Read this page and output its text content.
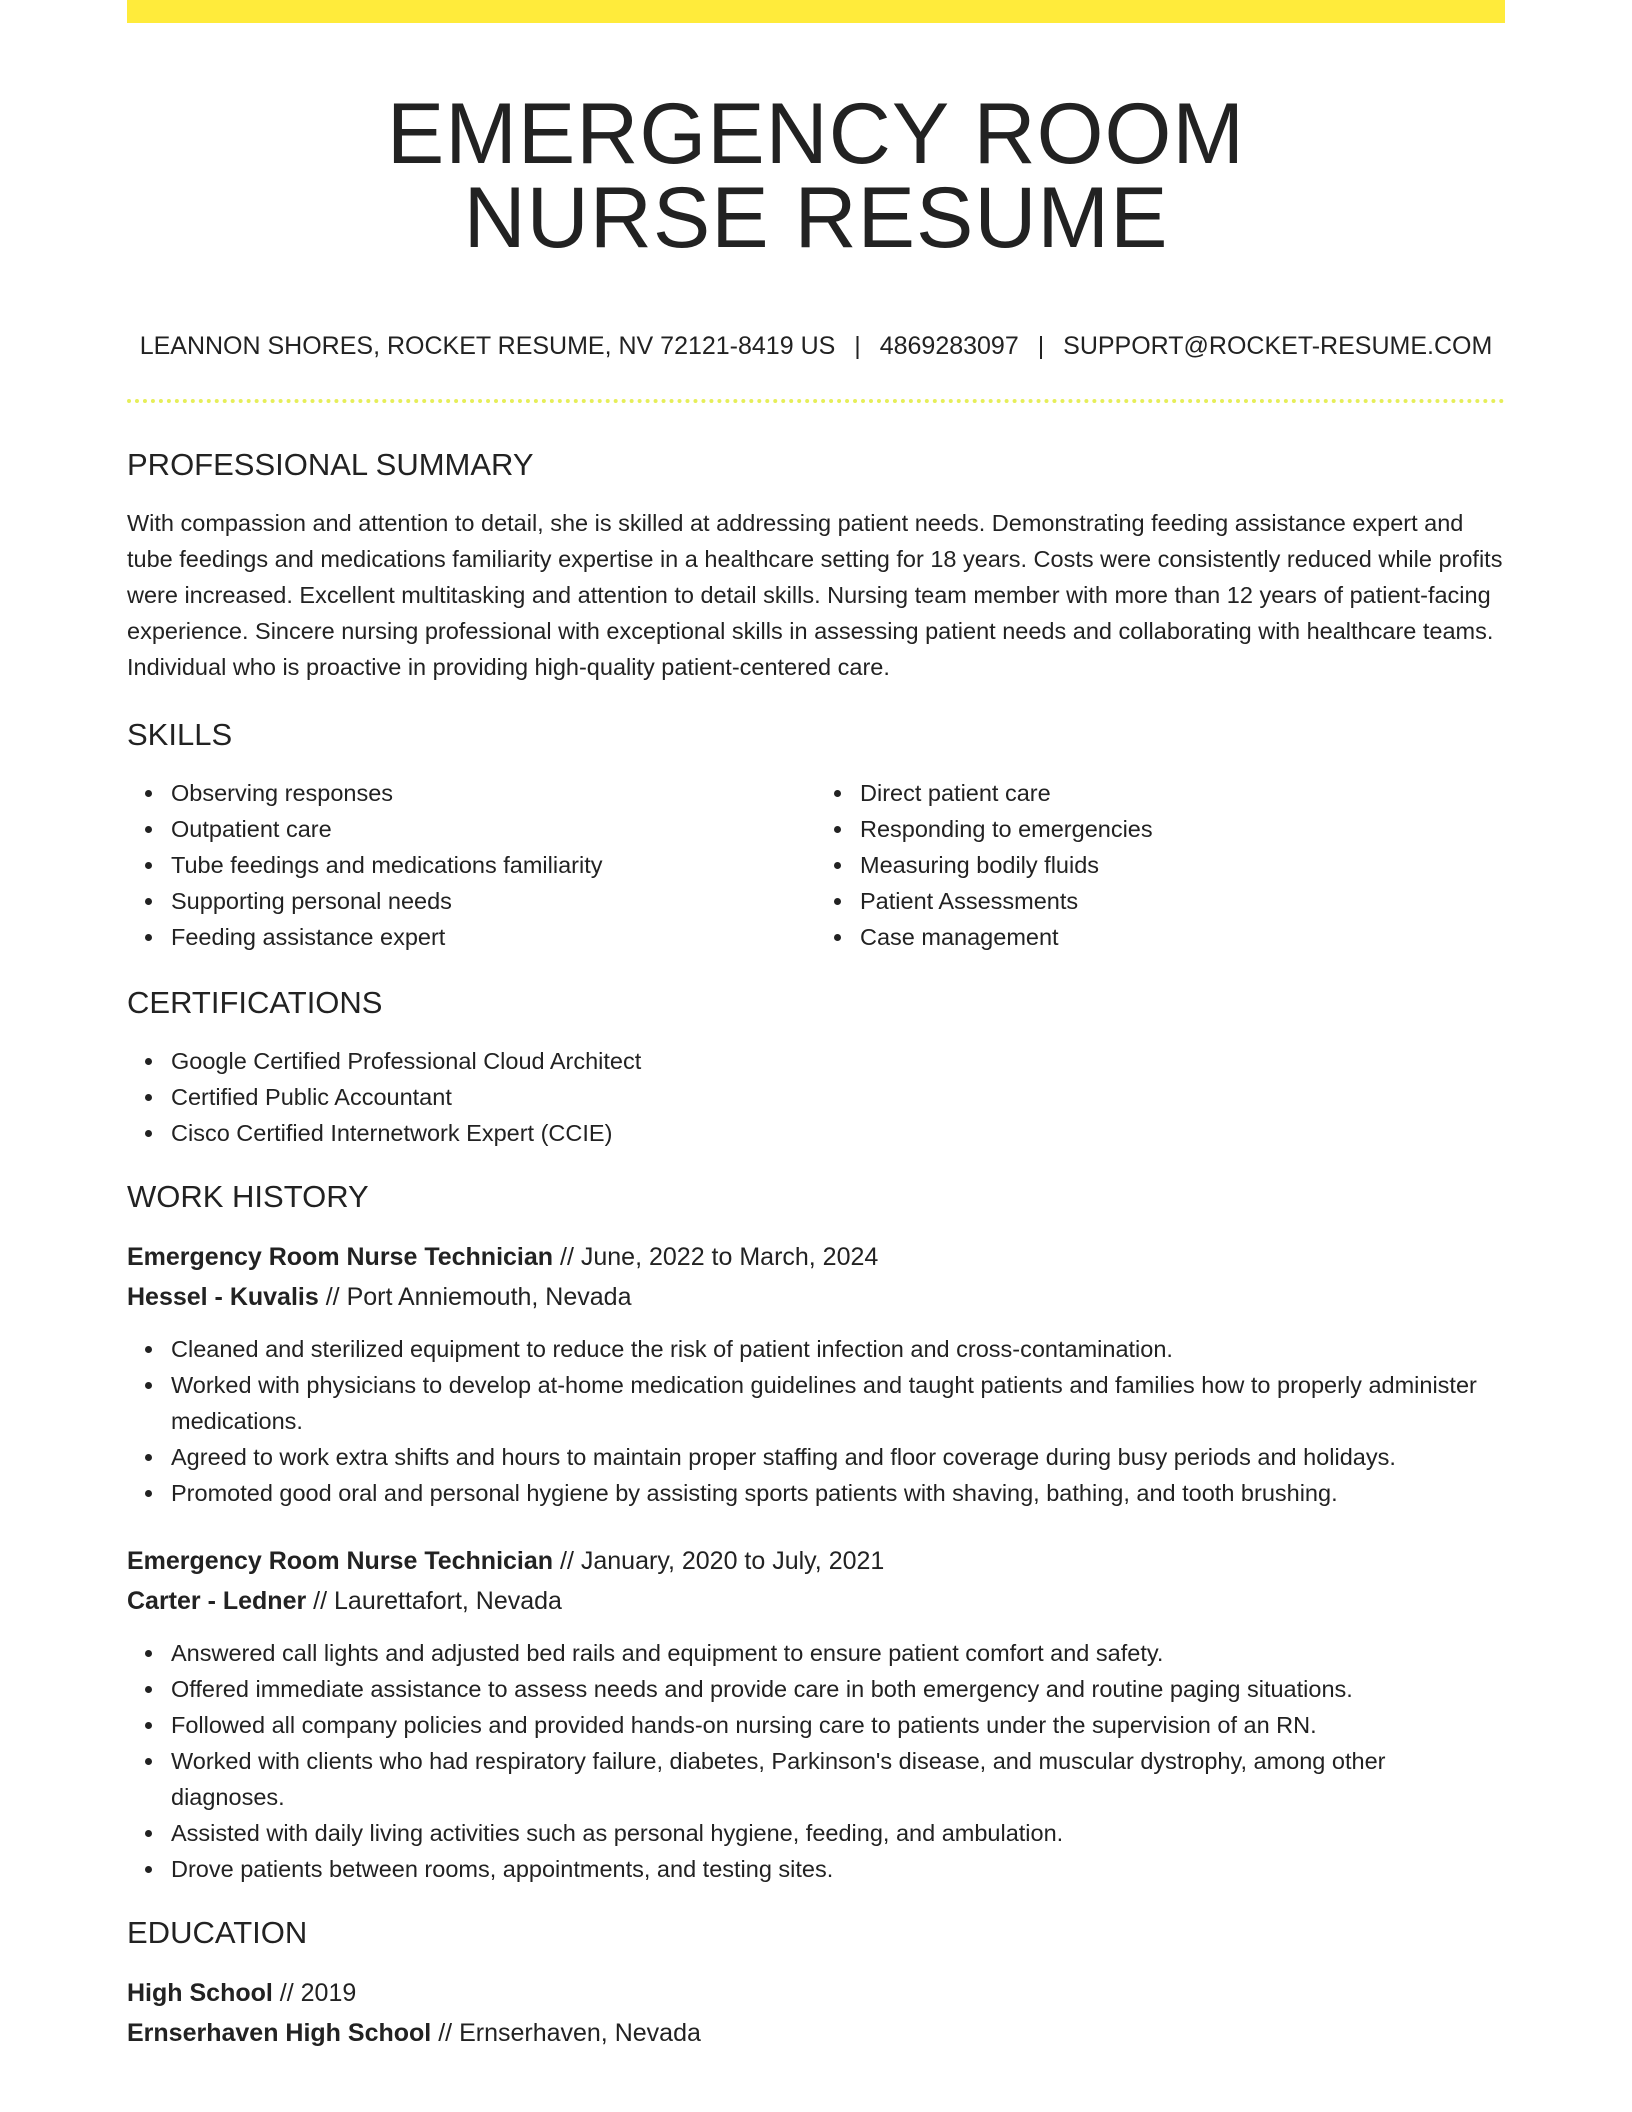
EMERGENCY ROOM
NURSE RESUME
LEANNON SHORES, ROCKET RESUME, NV 72121-8419 US | 4869283097 | SUPPORT@ROCKET-RESUME.COM
PROFESSIONAL SUMMARY
With compassion and attention to detail, she is skilled at addressing patient needs. Demonstrating feeding assistance expert and tube feedings and medications familiarity expertise in a healthcare setting for 18 years. Costs were consistently reduced while profits were increased. Excellent multitasking and attention to detail skills. Nursing team member with more than 12 years of patient-facing experience. Sincere nursing professional with exceptional skills in assessing patient needs and collaborating with healthcare teams. Individual who is proactive in providing high-quality patient-centered care.
SKILLS
Observing responses
Outpatient care
Tube feedings and medications familiarity
Supporting personal needs
Feeding assistance expert
Direct patient care
Responding to emergencies
Measuring bodily fluids
Patient Assessments
Case management
CERTIFICATIONS
Google Certified Professional Cloud Architect
Certified Public Accountant
Cisco Certified Internetwork Expert (CCIE)
WORK HISTORY
Emergency Room Nurse Technician // June, 2022 to March, 2024
Hessel - Kuvalis // Port Anniemouth, Nevada
Cleaned and sterilized equipment to reduce the risk of patient infection and cross-contamination.
Worked with physicians to develop at-home medication guidelines and taught patients and families how to properly administer medications.
Agreed to work extra shifts and hours to maintain proper staffing and floor coverage during busy periods and holidays.
Promoted good oral and personal hygiene by assisting sports patients with shaving, bathing, and tooth brushing.
Emergency Room Nurse Technician // January, 2020 to July, 2021
Carter - Ledner // Laurettafort, Nevada
Answered call lights and adjusted bed rails and equipment to ensure patient comfort and safety.
Offered immediate assistance to assess needs and provide care in both emergency and routine paging situations.
Followed all company policies and provided hands-on nursing care to patients under the supervision of an RN.
Worked with clients who had respiratory failure, diabetes, Parkinson's disease, and muscular dystrophy, among other diagnoses.
Assisted with daily living activities such as personal hygiene, feeding, and ambulation.
Drove patients between rooms, appointments, and testing sites.
EDUCATION
High School // 2019
Ernserhaven High School // Ernserhaven, Nevada
